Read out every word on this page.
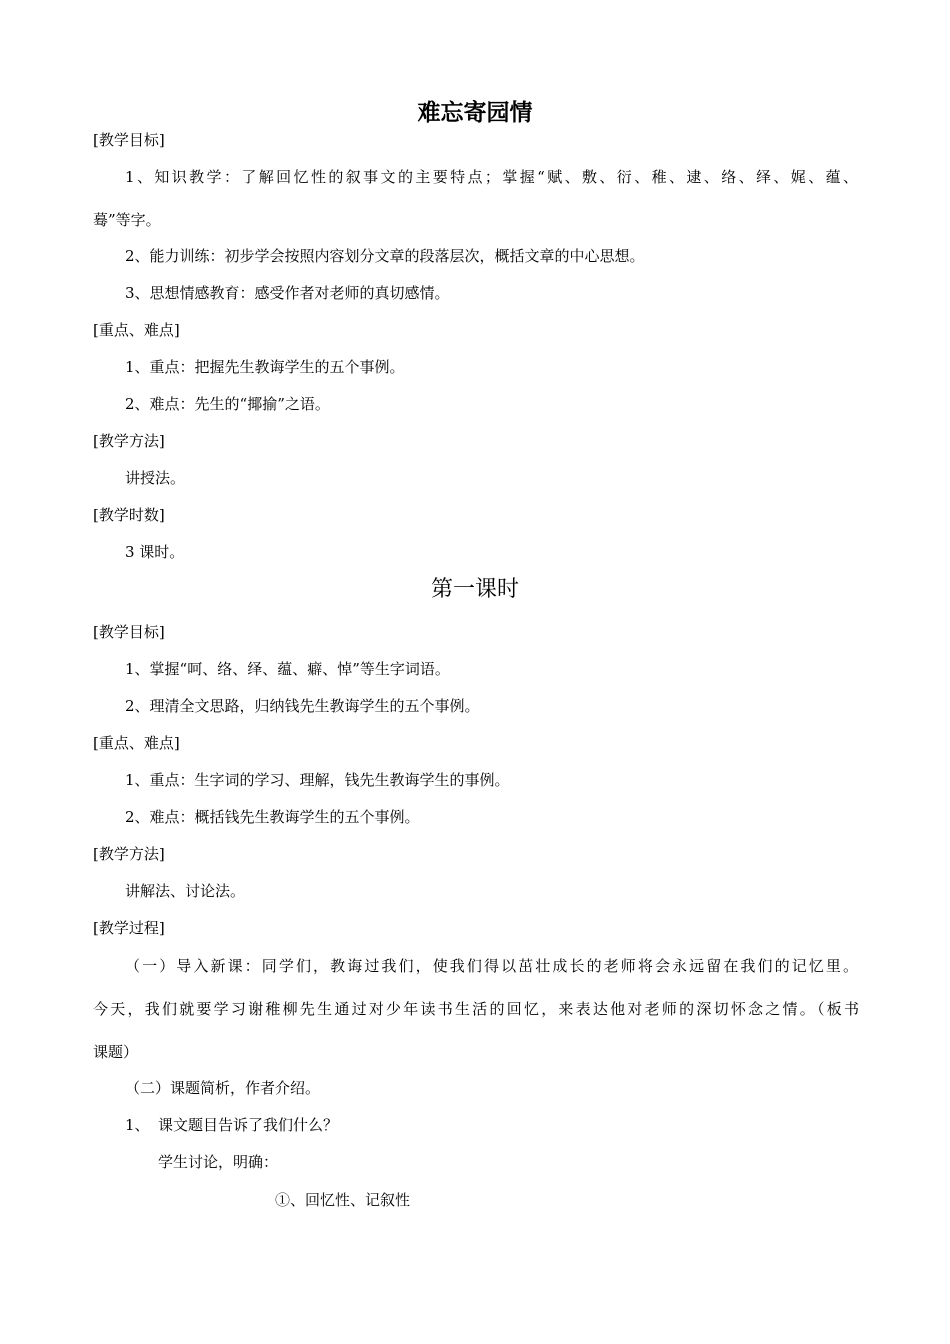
难忘寄园情
[教学目标]
1、知识教学：了解回忆性的叙事文的主要特点；掌握“赋、敷、衍、稚、逮、络、绎、娓、蕴、
蓦”等字。
2、能力训练：初步学会按照内容划分文章的段落层次，概括文章的中心思想。
3、思想情感教育：感受作者对老师的真切感情。
[重点、难点]
1、重点：把握先生教诲学生的五个事例。
2、难点：先生的“揶揄”之语。
[教学方法]
讲授法。
[教学时数]
3 课时。
第一课时
[教学目标]
1、掌握“呵、络、绎、蕴、癖、悼”等生字词语。
2、理清全文思路，归纳钱先生教诲学生的五个事例。
[重点、难点]
1、重点：生字词的学习、理解，钱先生教诲学生的事例。
2、难点：概括钱先生教诲学生的五个事例。
[教学方法]
讲解法、讨论法。
[教学过程]
（一）导入新课：同学们，教诲过我们，使我们得以茁壮成长的老师将会永远留在我们的记忆里。
今天，我们就要学习谢稚柳先生通过对少年读书生活的回忆，来表达他对老师的深切怀念之情。（板书
课题）
（二）课题简析，作者介绍。
1、 课文题目告诉了我们什么？
学生讨论，明确：
①、回忆性、记叙性
